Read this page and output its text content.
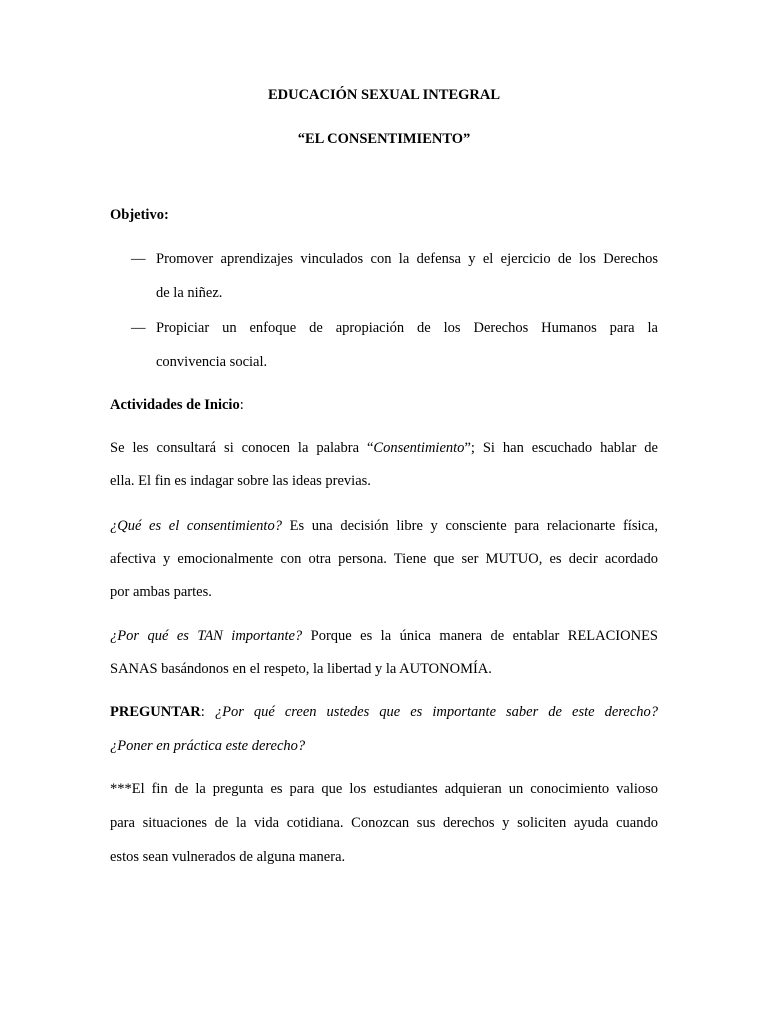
EDUCACIÓN SEXUAL INTEGRAL
“EL CONSENTIMIENTO”
Objetivo:
— Promover aprendizajes vinculados con la defensa y el ejercicio de los Derechos
de la niñez.
— Propiciar un enfoque de apropiación de los Derechos Humanos para la
convivencia social.
Actividades de Inicio:
Se les consultará si conocen la palabra “Consentimiento”; Si han escuchado hablar de
ella. El fin es indagar sobre las ideas previas.
¿Qué es el consentimiento? Es una decisión libre y consciente para relacionarte física,
afectiva y emocionalmente con otra persona. Tiene que ser MUTUO, es decir acordado
por ambas partes.
¿Por qué es TAN importante? Porque es la única manera de entablar RELACIONES
SANAS basándonos en el respeto, la libertad y la AUTONOMÍA.
PREGUNTAR: ¿Por qué creen ustedes que es importante saber de este derecho?
¿Poner en práctica este derecho?
***El fin de la pregunta es para que los estudiantes adquieran un conocimiento valioso
para situaciones de la vida cotidiana. Conozcan sus derechos y soliciten ayuda cuando
estos sean vulnerados de alguna manera.
